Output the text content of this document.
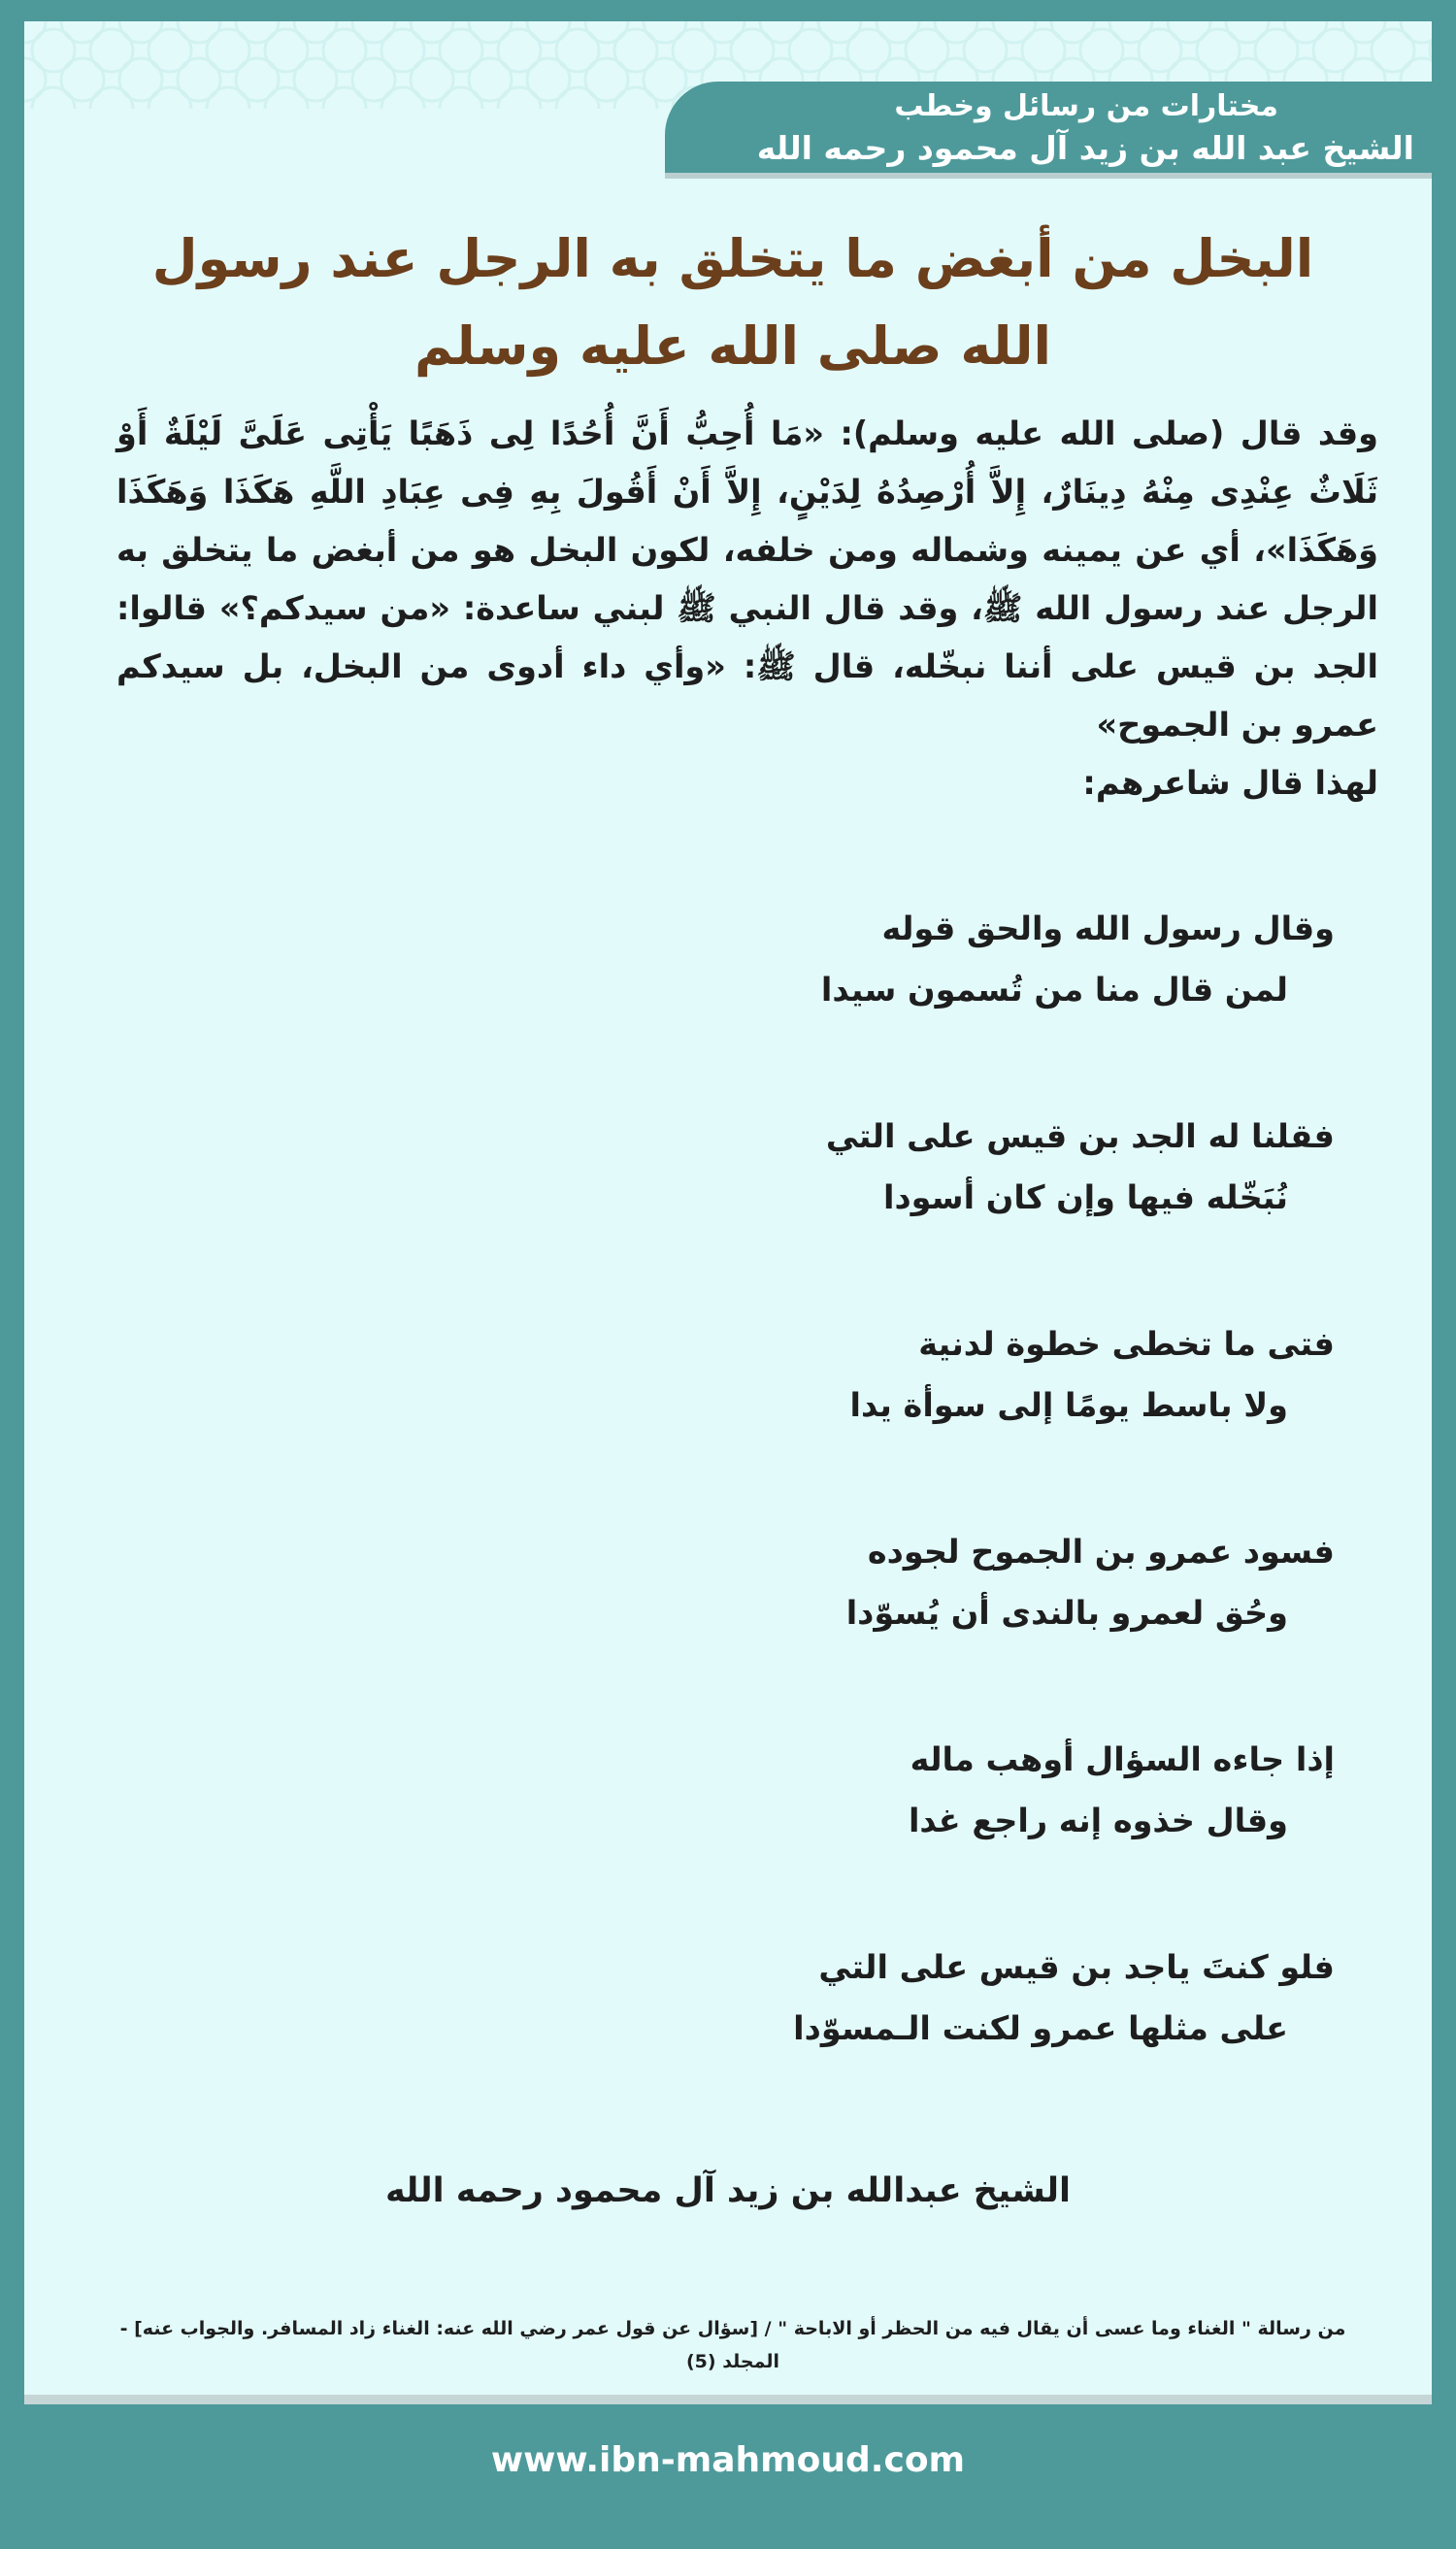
مختارات من رسائل وخطب
الشيخ عبد الله بن زيد آل محمود رحمه الله
البخل من أبغض ما يتخلق به الرجل عند رسول الله صلى الله عليه وسلم
وقد قال (صلى الله عليه وسلم): «مَا أُحِبُّ أَنَّ أُحُدًا لِى ذَهَبًا يَأْتِى عَلَىَّ لَيْلَةٌ أَوْ ثَلَاثٌ عِنْدِى مِنْهُ دِينَارٌ، إِلاَّ أُرْصِدُهُ لِدَيْنٍ، إِلاَّ أَنْ أَقُولَ بِهِ فِى عِبَادِ اللَّهِ هَكَذَا وَهَكَذَا وَهَكَذَا»، أي عن يمينه وشماله ومن خلفه، لكون البخل هو من أبغض ما يتخلق به الرجل عند رسول الله ﷺ، وقد قال النبي ﷺ لبني ساعدة: «من سيدكم؟» قالوا: الجد بن قيس على أننا نبخّله، قال ﷺ: «وأي داء أدوى من البخل، بل سيدكم عمرو بن الجموح»
لهذا قال شاعرهم:
وقال رسول الله والحق قوله
لمن قال منا من تُسمون سيدا
فقلنا له الجد بن قيس على التي
نُبَخّله فيها وإن كان أسودا
فتى ما تخطى خطوة لدنية
ولا باسط يومًا إلى سوأة يدا
فسود عمرو بن الجموح لجوده
وحُق لعمرو بالندى أن يُسوّدا
إذا جاءه السؤال أوهب ماله
وقال خذوه إنه راجع غدا
فلو كنتَ ياجد بن قيس على التي
على مثلها عمرو لكنت الـمسوّدا
الشيخ عبدالله بن زيد آل محمود رحمه الله
من رسالة " الغناء وما عسى أن يقال فيه من الحظر أو الاباحة " / [سؤال عن قول عمر رضي الله عنه: الغناء زاد المسافر. والجواب عنه] - المجلد (5)
www.ibn-mahmoud.com
